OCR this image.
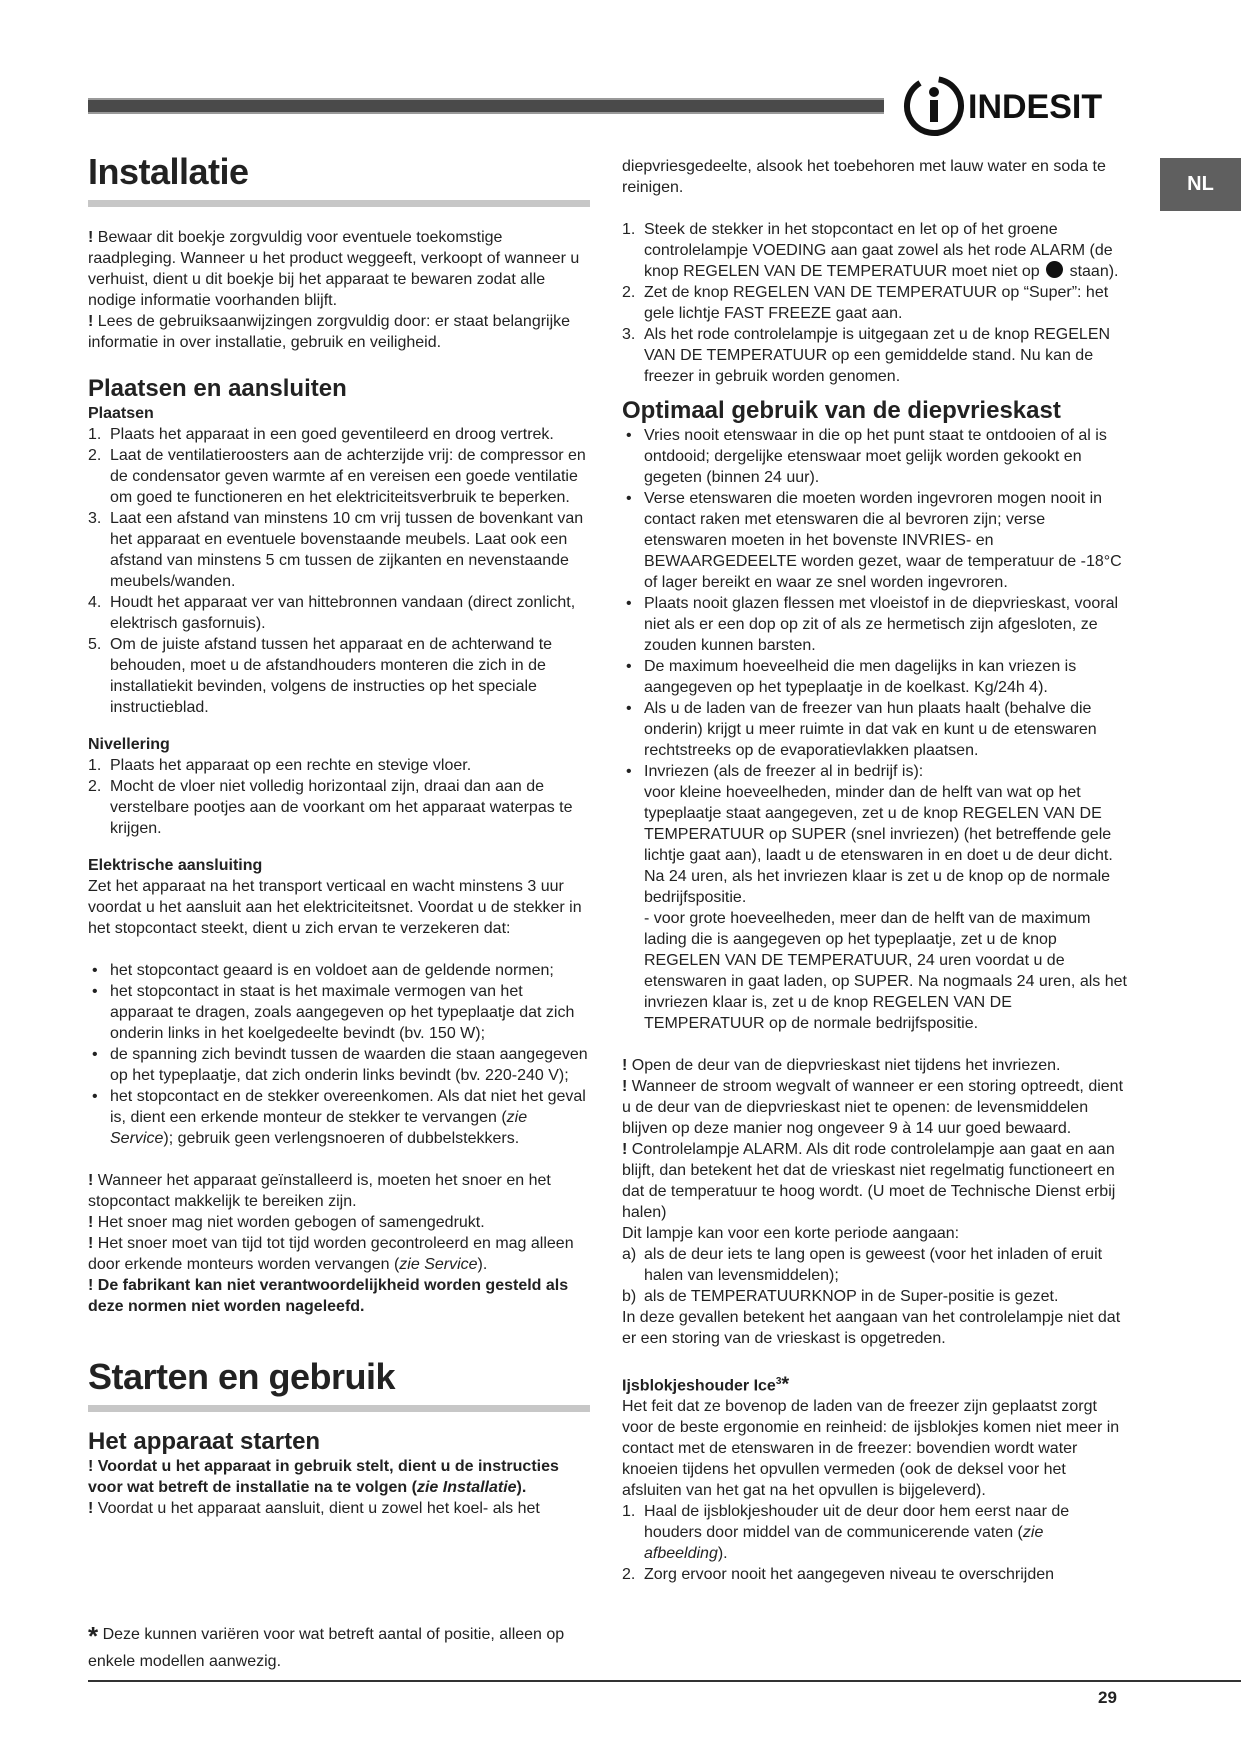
INDESIT
NL
Installatie

! Bewaar dit boekje zorgvuldig voor eventuele toekomstige raadpleging. Wanneer u het product weggeeft, verkoopt of wanneer u verhuist, dient u dit boekje bij het apparaat te bewaren zodat alle nodige informatie voorhanden blijft.

! Lees de gebruiksaanwijzingen zorgvuldig door: er staat belangrijke informatie in over installatie, gebruik en veiligheid.

Plaatsen en aansluiten
Plaatsen
1. Plaats het apparaat in een goed geventileerd en droog vertrek.
2. Laat de ventilatieroosters aan de achterzijde vrij: de compressor en de condensator geven warmte af en vereisen een goede ventilatie om goed te functioneren en het elektriciteitsverbruik te beperken.
3. Laat een afstand van minstens 10 cm vrij tussen de bovenkant van het apparaat en eventuele bovenstaande meubels. Laat ook een afstand van minstens 5 cm tussen de zijkanten en nevenstaande meubels/wanden.
4. Houdt het apparaat ver van hittebronnen vandaan (direct zonlicht, elektrisch gasfornuis).
5. Om de juiste afstand tussen het apparaat en de achterwand te behouden, moet u de afstandhouders monteren die zich in de installatiekit bevinden, volgens de instructies op het speciale instructieblad.
Nivellering
1. Plaats het apparaat op een rechte en stevige vloer.
2. Mocht de vloer niet volledig horizontaal zijn, draai dan aan de verstelbare pootjes aan de voorkant om het apparaat waterpas te krijgen.
Elektrische aansluiting

Zet het apparaat na het transport verticaal en wacht minstens 3 uur voordat u het aansluit aan het elektriciteitsnet. Voordat u de stekker in het stopcontact steekt, dient u zich ervan te verzekeren dat:

• het stopcontact geaard is en voldoet aan de geldende normen;
• het stopcontact in staat is het maximale vermogen van het apparaat te dragen, zoals aangegeven op het typeplaatje dat zich onderin links in het koelgedeelte bevindt (bv. 150 W);
• de spanning zich bevindt tussen de waarden die staan aangegeven op het typeplaatje, dat zich onderin links bevindt (bv. 220-240 V);
• het stopcontact en de stekker overeenkomen. Als dat niet het geval is, dient een erkende monteur de stekker te vervangen (zie Service); gebruik geen verlengsnoeren of dubbelstekkers.

! Wanneer het apparaat geïnstalleerd is, moeten het snoer en het stopcontact makkelijk te bereiken zijn.

! Het snoer mag niet worden gebogen of samengedrukt.

! Het snoer moet van tijd tot tijd worden gecontroleerd en mag alleen door erkende monteurs worden vervangen (zie Service).

! De fabrikant kan niet verantwoordelijkheid worden gesteld als deze normen niet worden nageleefd.

Starten en gebruik
Het apparaat starten

! Voordat u het apparaat in gebruik stelt, dient u de instructies voor wat betreft de installatie na te volgen (zie Installatie).

! Voordat u het apparaat aansluit, dient u zowel het koel- als het

* Deze kunnen variëren voor wat betreft aantal of positie, alleen op enkele modellen aanwezig.

diepvriesgedeelte, alsook het toebehoren met lauw water en soda te reinigen.

1. Steek de stekker in het stopcontact en let op of het groene controlelampje VOEDING aan gaat zowel als het rode ALARM (de knop REGELEN VAN DE TEMPERATUUR moet niet op  staan).
2. Zet de knop REGELEN VAN DE TEMPERATUUR op “Super”: het gele lichtje FAST FREEZE gaat aan.
3. Als het rode controlelampje is uitgegaan zet u de knop REGELEN VAN DE TEMPERATUUR op een gemiddelde stand. Nu kan de freezer in gebruik worden genomen.
Optimaal gebruik van de diepvrieskast
• Vries nooit etenswaar in die op het punt staat te ontdooien of al is ontdooid; dergelijke etenswaar moet gelijk worden gekookt en gegeten (binnen 24 uur).
• Verse etenswaren die moeten worden ingevroren mogen nooit in contact raken met etenswaren die al bevroren zijn; verse etenswaren moeten in het bovenste INVRIES- en BEWAARGEDEELTE worden gezet, waar de temperatuur de -18°C of lager bereikt en waar ze snel worden ingevroren.
• Plaats nooit glazen flessen met vloeistof in de diepvrieskast, vooral niet als er een dop op zit of als ze hermetisch zijn afgesloten, ze zouden kunnen barsten.
• De maximum hoeveelheid die men dagelijks in kan vriezen is aangegeven op het typeplaatje in de koelkast. Kg/24h 4).
• Als u de laden van de freezer van hun plaats haalt (behalve die onderin) krijgt u meer ruimte in dat vak en kunt u de etenswaren rechtstreeks op de evaporatievlakken plaatsen.
• Invriezen (als de freezer al in bedrijf is):

voor kleine hoeveelheden, minder dan de helft van wat op het typeplaatje staat aangegeven, zet u de knop REGELEN VAN DE TEMPERATUUR op SUPER (snel invriezen) (het betreffende gele lichtje gaat aan), laadt u de etenswaren in en doet u de deur dicht. Na 24 uren, als het invriezen klaar is zet u de knop op de normale bedrijfspositie.

- voor grote hoeveelheden, meer dan de helft van de maximum lading die is aangegeven op het typeplaatje, zet u de knop REGELEN VAN DE TEMPERATUUR, 24 uren voordat u de etenswaren in gaat laden, op SUPER. Na nogmaals 24 uren, als het invriezen klaar is, zet u de knop REGELEN VAN DE TEMPERATUUR op de normale bedrijfspositie.

! Open de deur van de diepvrieskast niet tijdens het invriezen.

! Wanneer de stroom wegvalt of wanneer er een storing optreedt, dient u de deur van de diepvrieskast niet te openen: de levensmiddelen blijven op deze manier nog ongeveer 9 à 14 uur goed bewaard.

! Controlelampje ALARM. Als dit rode controlelampje aan gaat en aan blijft, dan betekent het dat de vrieskast niet regelmatig functioneert en dat de temperatuur te hoog wordt. (U moet de Technische Dienst erbij halen)

Dit lampje kan voor een korte periode aangaan:

a) als de deur iets te lang open is geweest (voor het inladen of eruit halen van levensmiddelen);
b) als de TEMPERATUURKNOP in de Super-positie is gezet.

In deze gevallen betekent het aangaan van het controlelampje niet dat er een storing van de vrieskast is opgetreden.

Ijsblokjeshouder Ice$^3$*

Het feit dat ze bovenop de laden van de freezer zijn geplaatst zorgt voor de beste ergonomie en reinheid: de ijsblokjes komen niet meer in contact met de etenswaren in de freezer: bovendien wordt water knoeien tijdens het opvullen vermeden (ook de deksel voor het afsluiten van het gat na het opvullen is bijgeleverd).

1. Haal de ijsblokjeshouder uit de deur door hem eerst naar de houders door middel van de communicerende vaten (zie afbeelding).
2. Zorg ervoor nooit het aangegeven niveau te overschrijden
29
